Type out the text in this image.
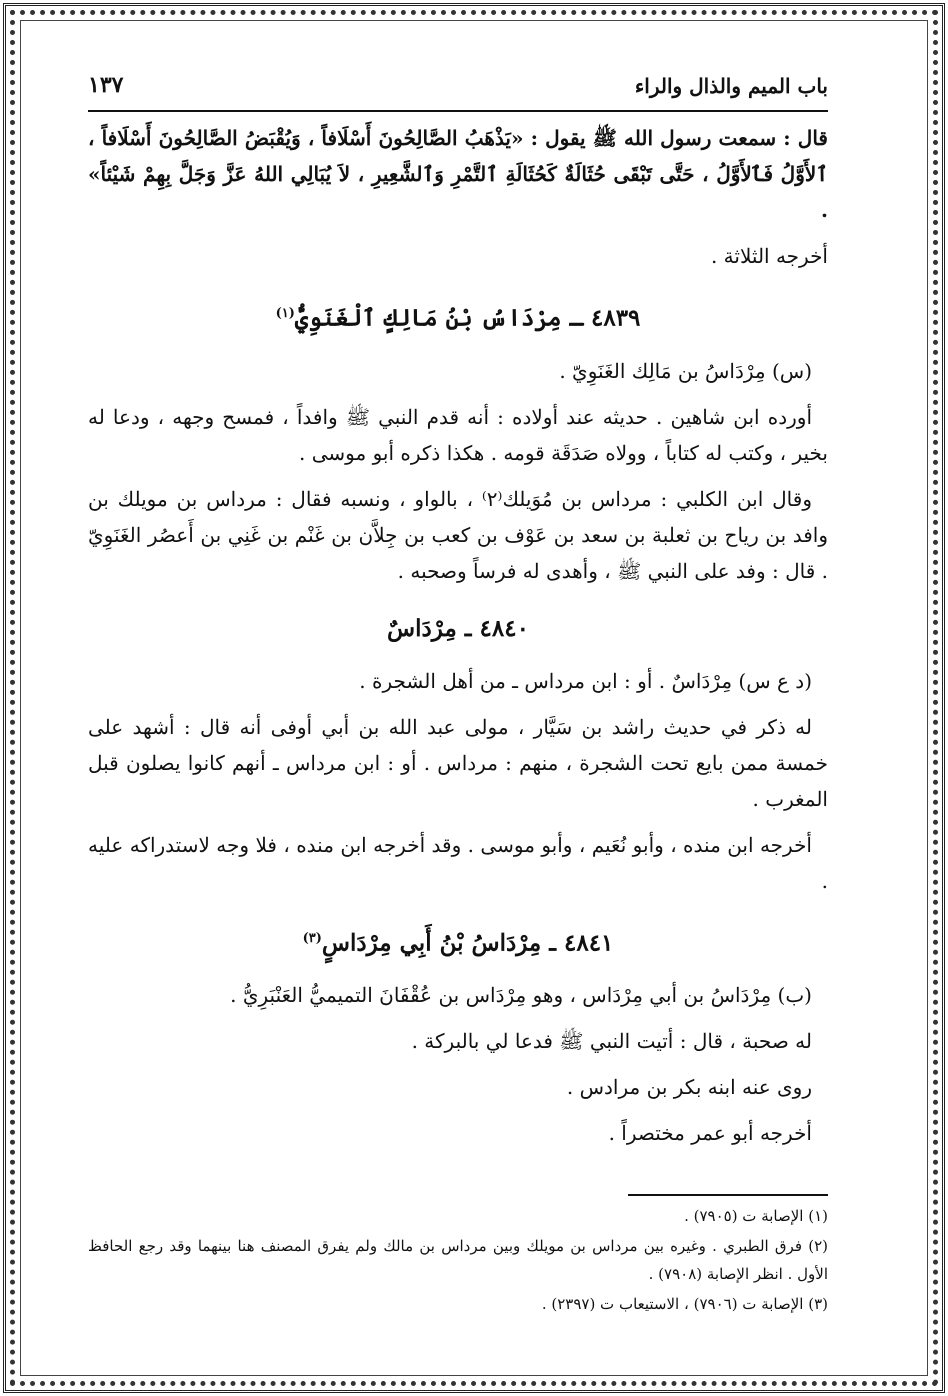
باب الميم والذال والراء
١٣٧

قال : سمعت رسول الله ﷺ يقول : «يَذْهَبُ الصَّالِحُونَ أَسْلَافاً ، وَيُقْبَضُ الصَّالِحُونَ أَسْلَافاً ، ٱلأَوَّلُ فَٱلأَوَّلُ ، حَتَّى تَبْقَى حُثَالَةٌ كَحُثَالَةِ ٱلتَّمْرِ وَٱلشَّعِيرِ ، لاَ يُبَالِي اللهُ عَزَّ وَجَلَّ بِهِمْ شَيْئاً» .

أخرجه الثلاثة .

٤٨٣٩ ـ مِرْدَاسُ بْنُ مَالِكٍ ٱلْغَنَوِيُّ$^{(١)}$

(س) مِرْدَاسُ بن مَالِك الغَنَوِيّ .

أورده ابن شاهين . حديثه عند أولاده : أنه قدم النبي ﷺ وافداً ، فمسح وجهه ، ودعا له بخير ، وكتب له كتاباً ، وولاه صَدَقَة قومه . هكذا ذكره أبو موسى .

وقال ابن الكلبي : مرداس بن مُوَيلك⁽٢⁾ ، بالواو ، ونسبه فقال : مرداس بن مويلك بن وافد بن رياح بن ثعلبة بن سعد بن عَوْف بن كعب بن جِلاَّن بن غَنْم بن غَنِي بن أَعصُر الغَنَوِيّ . قال : وفد على النبي ﷺ ، وأهدى له فرساً وصحبه .

٤٨٤٠ ـ مِرْدَاسٌ

(د ع س) مِرْدَاسٌ . أو : ابن مرداس ـ من أهل الشجرة .

له ذكر في حديث راشد بن سَيَّار ، مولى عبد الله بن أبي أوفى أنه قال : أشهد على خمسة ممن بايع تحت الشجرة ، منهم : مرداس . أو : ابن مرداس ـ أنهم كانوا يصلون قبل المغرب .

أخرجه ابن منده ، وأبو نُعَيم ، وأبو موسى . وقد أخرجه ابن منده ، فلا وجه لاستدراكه عليه .

٤٨٤١ ـ مِرْدَاسُ بْنُ أَبِي مِرْدَاسٍ$^{(٣)}$

(ب) مِرْدَاسُ بن أبي مِرْدَاس ، وهو مِرْدَاس بن عُقْفَانَ التميميُّ العَنْبَرِيُّ .

له صحبة ، قال : أتيت النبي ﷺ فدعا لي بالبركة .

روى عنه ابنه بكر بن مرادس .

أخرجه أبو عمر مختصراً .

(١) الإصابة ت (٧٩٠٥) .

(٢) فرق الطبري . وغيره بين مرداس بن مويلك وبين مرداس بن مالك ولم يفرق المصنف هنا بينهما وقد رجع الحافظ الأول . انظر الإصابة (٧٩٠٨) .

(٣) الإصابة ت (٧٩٠٦) ، الاستيعاب ت (٢٣٩٧) .
